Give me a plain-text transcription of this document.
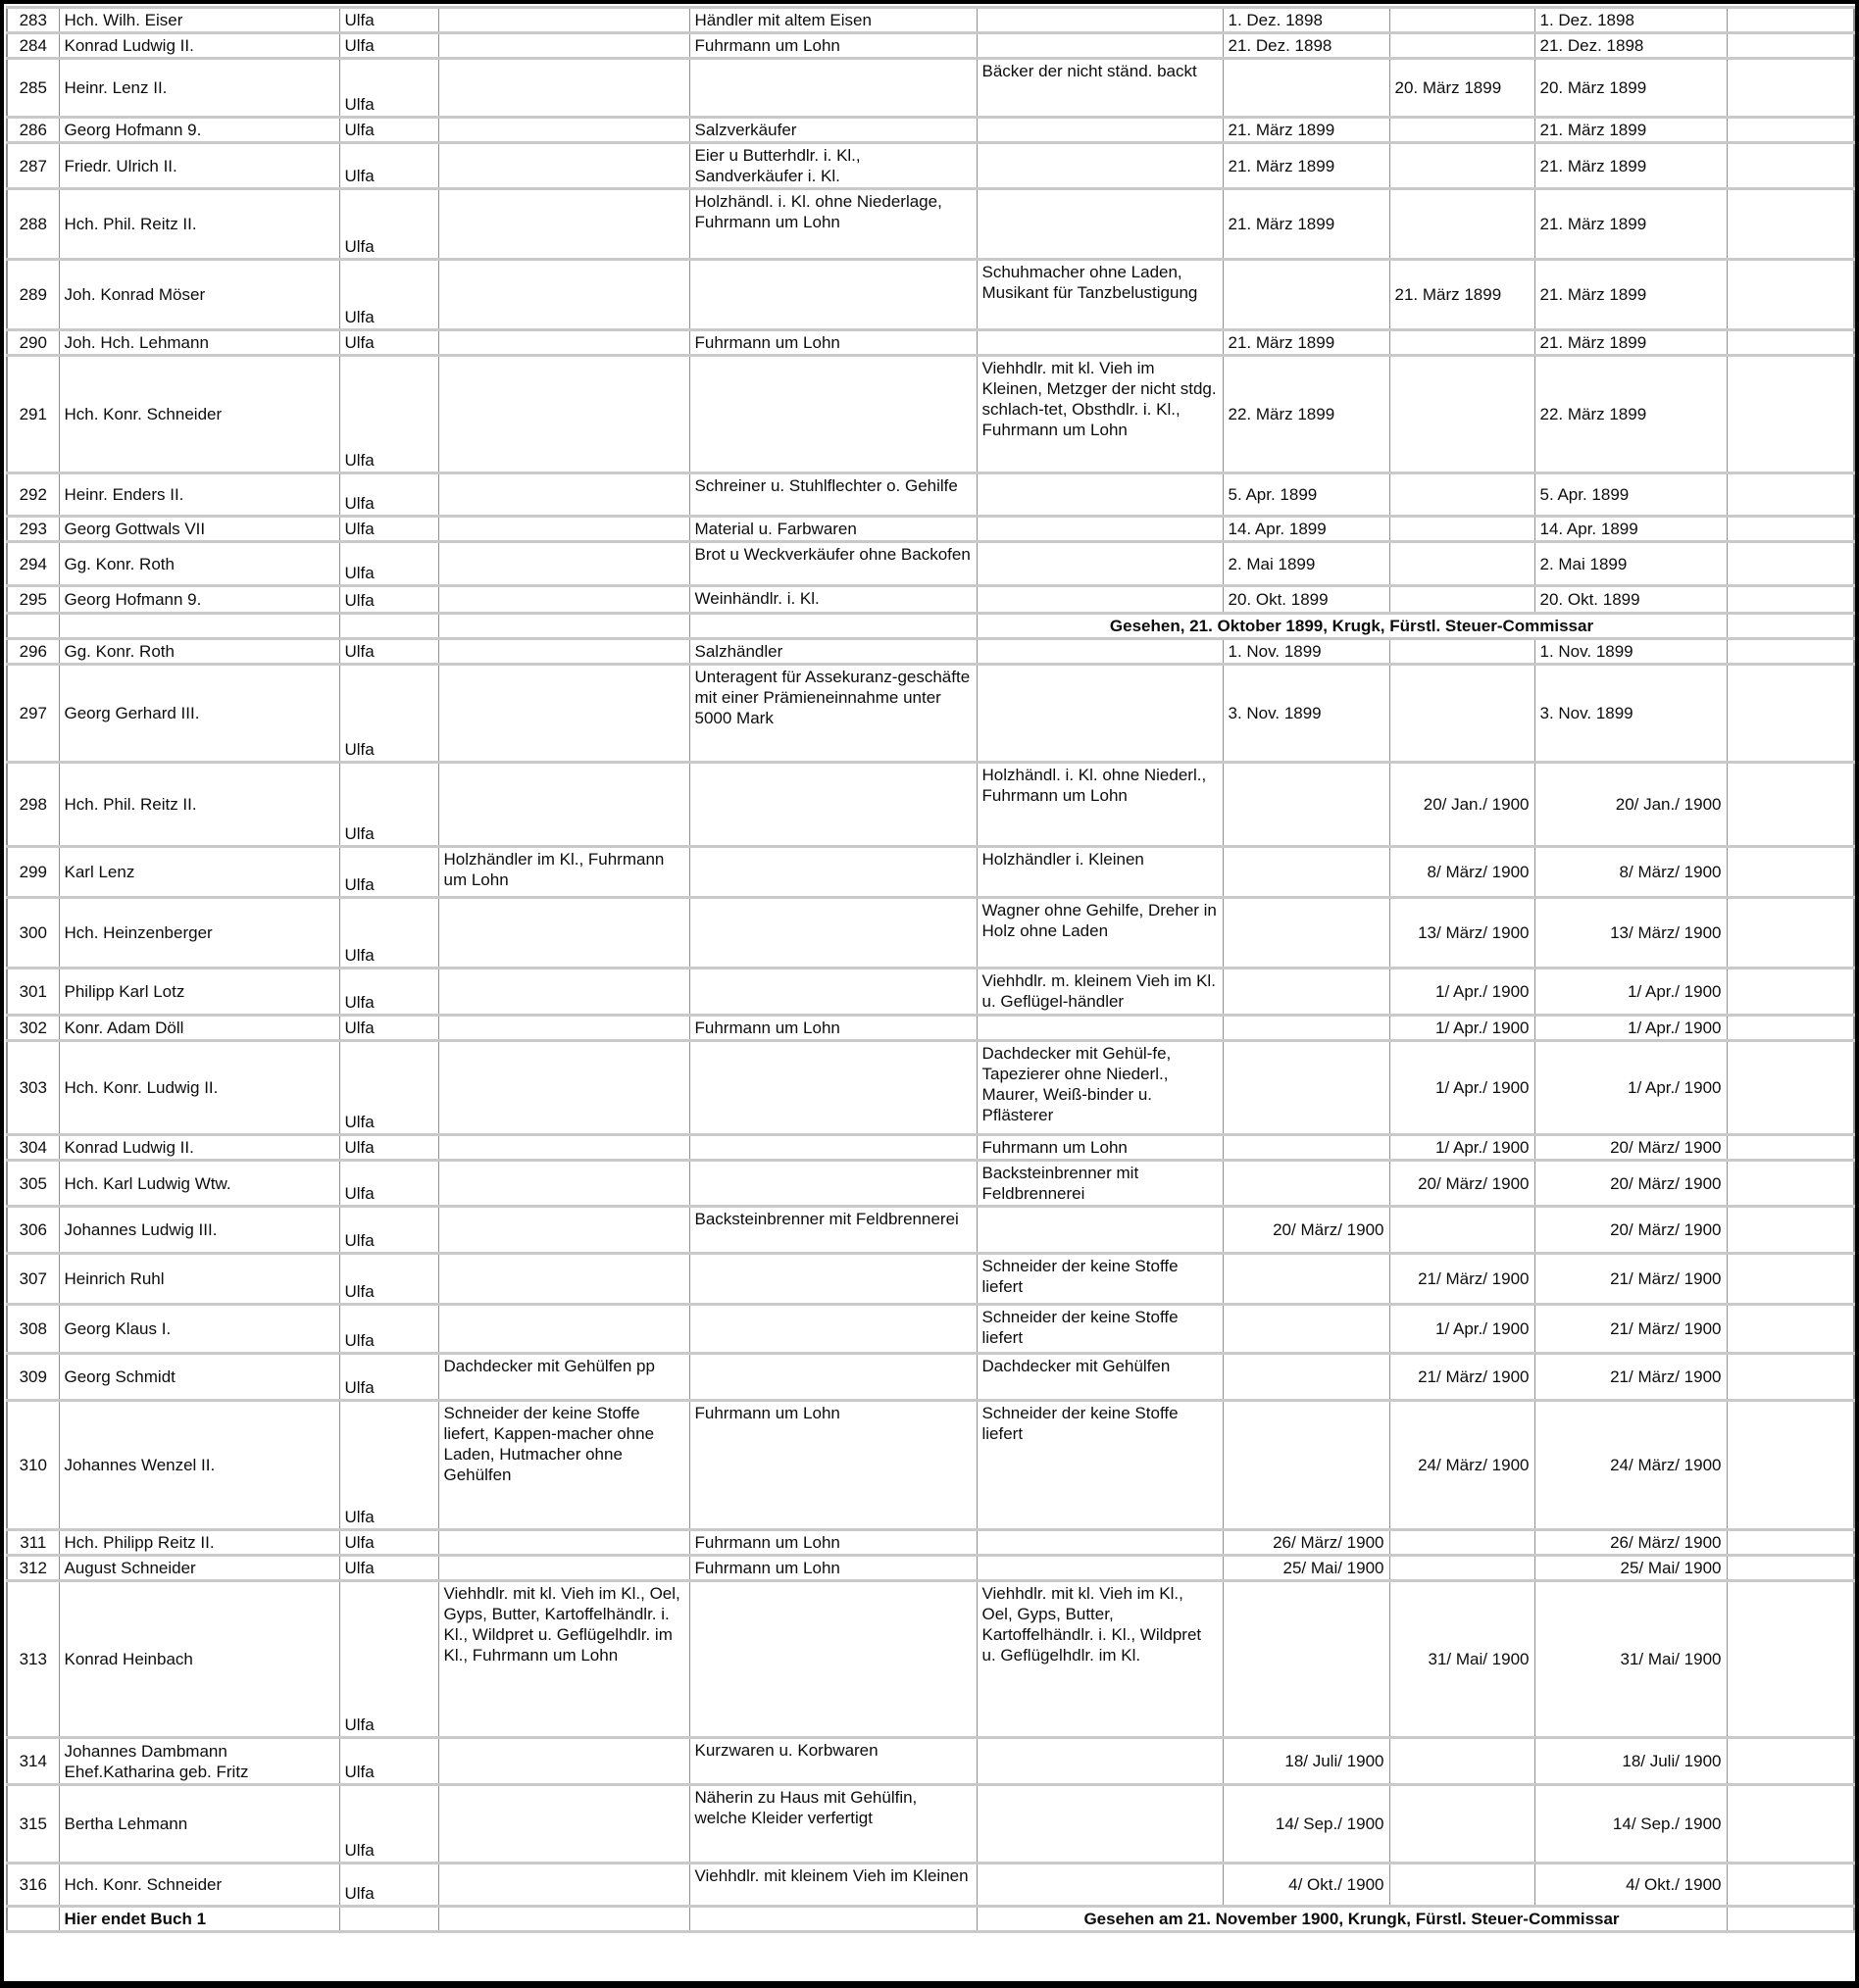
283	Hch. Wilh. Eiser	Ulfa		Händler mit altem Eisen		1. Dez. 1898		1. Dez. 1898	
284	Konrad Ludwig II.	Ulfa		Fuhrmann um Lohn		21. Dez. 1898		21. Dez. 1898	
285	Heinr. Lenz II.	Ulfa			Bäcker der nicht ständ. backt		20. März 1899	20. März 1899	
286	Georg Hofmann 9.	Ulfa		Salzverkäufer		21. März 1899		21. März 1899	
287	Friedr. Ulrich II.	Ulfa		Eier u Butterhdlr. i. Kl., Sandverkäufer i. Kl.		21. März 1899		21. März 1899	
288	Hch. Phil. Reitz II.	Ulfa		Holzhändl. i. Kl. ohne Niederlage, Fuhrmann um Lohn		21. März 1899		21. März 1899	
289	Joh. Konrad Möser	Ulfa			Schuhmacher ohne Laden, Musikant für Tanzbelustigung		21. März 1899	21. März 1899	
290	Joh. Hch. Lehmann	Ulfa		Fuhrmann um Lohn		21. März 1899		21. März 1899	
291	Hch. Konr. Schneider	Ulfa			Viehhdlr. mit kl. Vieh im Kleinen, Metzger der nicht stdg. schlach-tet, Obsthdlr. i. Kl., Fuhrmann um Lohn	22. März 1899		22. März 1899	
292	Heinr. Enders II.	Ulfa		Schreiner u. Stuhlflechter o. Gehilfe		5. Apr. 1899		5. Apr. 1899	
293	Georg Gottwals VII	Ulfa		Material u. Farbwaren		14. Apr. 1899		14. Apr. 1899	
294	Gg. Konr. Roth	Ulfa		Brot u Weckverkäufer ohne Backofen		2. Mai 1899		2. Mai 1899	
295	Georg Hofmann 9.	Ulfa		Weinhändlr. i. Kl.		20. Okt. 1899		20. Okt. 1899	
					Gesehen, 21. Oktober 1899, Krugk, Fürstl. Steuer-Commissar				
296	Gg. Konr. Roth	Ulfa		Salzhändler		1. Nov. 1899		1. Nov. 1899	
297	Georg Gerhard III.	Ulfa		Unteragent für Assekuranz-geschäfte mit einer Prämieneinnahme unter 5000 Mark		3. Nov. 1899		3. Nov. 1899	
298	Hch. Phil. Reitz II.	Ulfa			Holzhändl. i. Kl. ohne Niederl., Fuhrmann um Lohn		20/ Jan./ 1900	20/ Jan./ 1900	
299	Karl Lenz	Ulfa	Holzhändler im Kl., Fuhrmann um Lohn		Holzhändler i. Kleinen		8/ März/ 1900	8/ März/ 1900	
300	Hch. Heinzenberger	Ulfa			Wagner ohne Gehilfe, Dreher in Holz ohne Laden		13/ März/ 1900	13/ März/ 1900	
301	Philipp Karl Lotz	Ulfa			Viehhdlr. m. kleinem Vieh im Kl. u. Geflügel-händler		1/ Apr./ 1900	1/ Apr./ 1900	
302	Konr. Adam Döll	Ulfa		Fuhrmann um Lohn			1/ Apr./ 1900	1/ Apr./ 1900	
303	Hch. Konr. Ludwig II.	Ulfa			Dachdecker mit Gehül-fe, Tapezierer ohne Niederl., Maurer, Weiß-binder u. Pflästerer		1/ Apr./ 1900	1/ Apr./ 1900	
304	Konrad Ludwig II.	Ulfa			Fuhrmann um Lohn		1/ Apr./ 1900	20/ März/ 1900	
305	Hch. Karl Ludwig Wtw.	Ulfa			Backsteinbrenner mit Feldbrennerei		20/ März/ 1900	20/ März/ 1900	
306	Johannes Ludwig III.	Ulfa		Backsteinbrenner mit Feldbrennerei		20/ März/ 1900		20/ März/ 1900	
307	Heinrich Ruhl	Ulfa			Schneider der keine Stoffe liefert		21/ März/ 1900	21/ März/ 1900	
308	Georg Klaus I.	Ulfa			Schneider der keine Stoffe liefert		1/ Apr./ 1900	21/ März/ 1900	
309	Georg Schmidt	Ulfa	Dachdecker mit Gehülfen pp		Dachdecker mit Gehülfen		21/ März/ 1900	21/ März/ 1900	
310	Johannes Wenzel II.	Ulfa	Schneider der keine Stoffe liefert, Kappen-macher ohne Laden, Hutmacher ohne Gehülfen	Fuhrmann um Lohn	Schneider der keine Stoffe liefert		24/ März/ 1900	24/ März/ 1900	
311	Hch. Philipp Reitz II.	Ulfa		Fuhrmann um Lohn		26/ März/ 1900		26/ März/ 1900	
312	August Schneider	Ulfa		Fuhrmann um Lohn		25/ Mai/ 1900		25/ Mai/ 1900	
313	Konrad Heinbach	Ulfa	Viehhdlr. mit kl. Vieh im Kl., Oel, Gyps, Butter, Kartoffelhändlr. i. Kl., Wildpret u. Geflügelhdlr. im Kl., Fuhrmann um Lohn		Viehhdlr. mit kl. Vieh im Kl., Oel, Gyps, Butter, Kartoffelhändlr. i. Kl., Wildpret u. Geflügelhdlr. im Kl.		31/ Mai/ 1900	31/ Mai/ 1900	
314	Johannes Dambmann Ehef.Katharina geb. Fritz	Ulfa		Kurzwaren u. Korbwaren		18/ Juli/ 1900		18/ Juli/ 1900	
315	Bertha Lehmann	Ulfa		Näherin zu Haus mit Gehülfin, welche Kleider verfertigt		14/ Sep./ 1900		14/ Sep./ 1900	
316	Hch. Konr. Schneider	Ulfa		Viehhdlr. mit kleinem Vieh im Kleinen		4/ Okt./ 1900		4/ Okt./ 1900	
	Hier endet Buch 1				Gesehen am 21. November 1900, Krungk, Fürstl. Steuer-Commissar				
